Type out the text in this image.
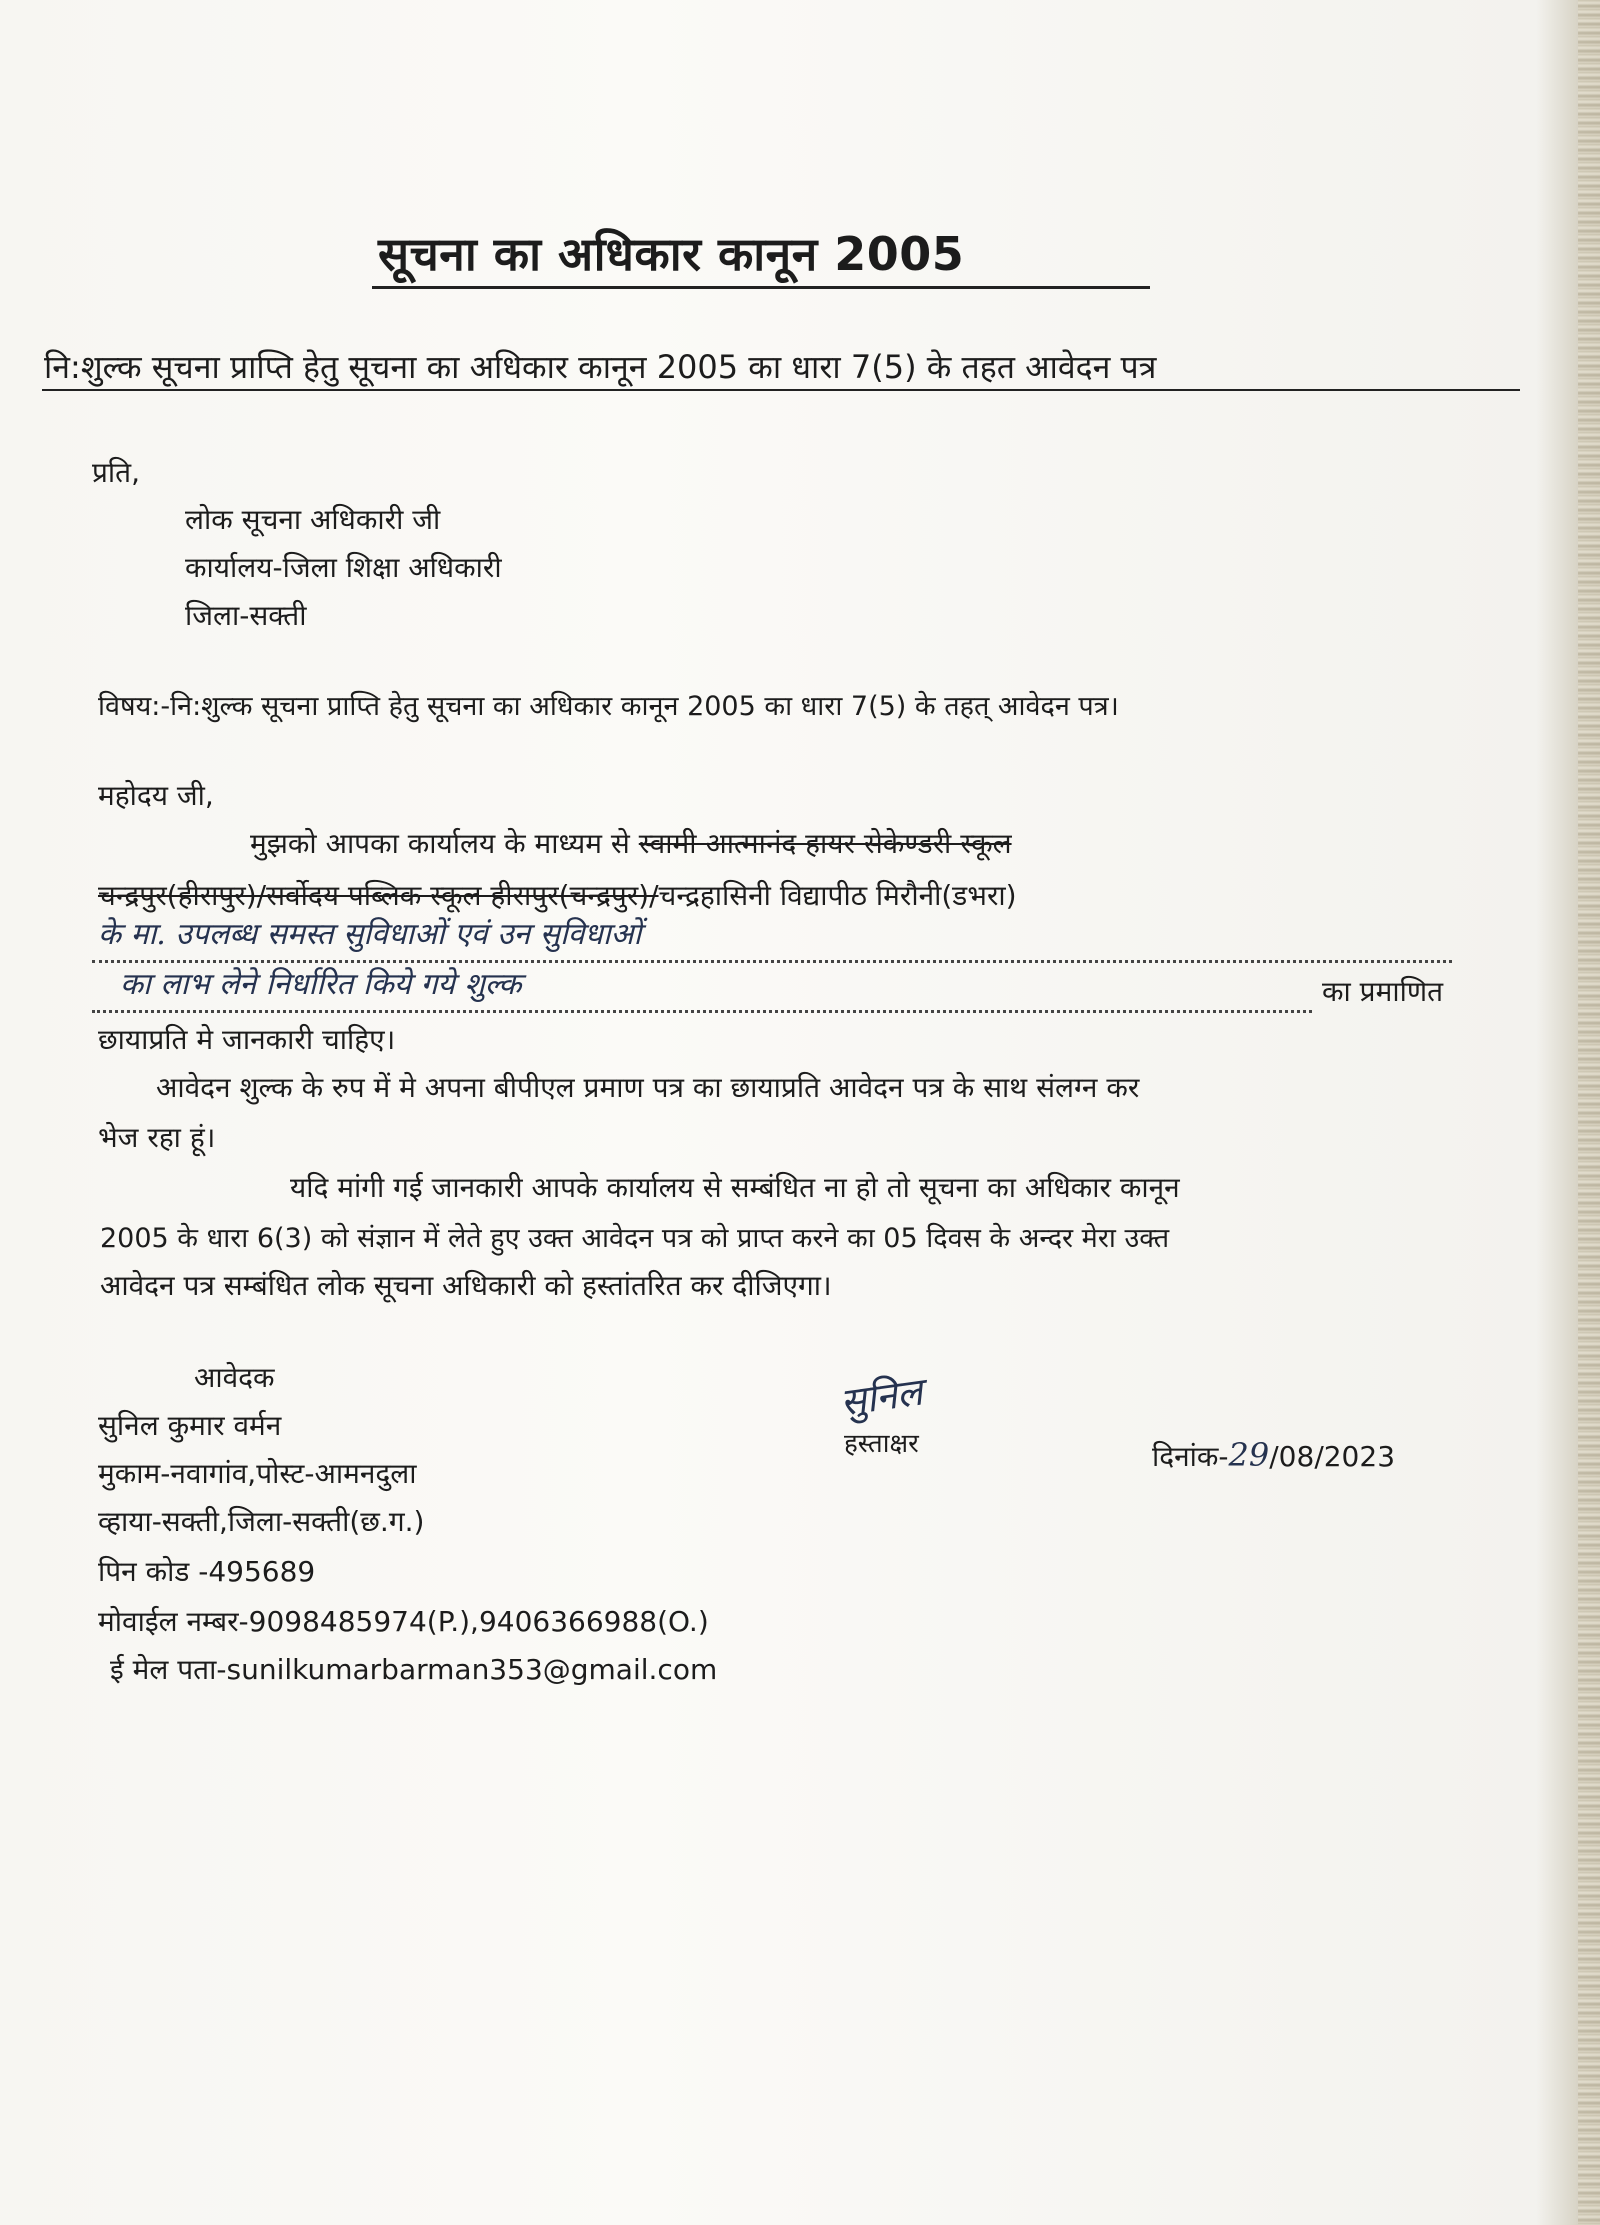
सूचना का अधिकार कानून 2005
नि:शुल्क सूचना प्राप्ति हेतु सूचना का अधिकार कानून 2005 का धारा 7(5) के तहत आवेदन पत्र
प्रति,
लोक सूचना अधिकारी जी
कार्यालय-जिला शिक्षा अधिकारी
जिला-सक्ती
विषय:-नि:शुल्क सूचना प्राप्ति हेतु सूचना का अधिकार कानून 2005 का धारा 7(5) के तहत् आवेदन पत्र।
महोदय जी,
मुझको आपका कार्यालय के माध्यम से स्वामी आत्मानंद हायर सेकेण्डरी स्कूल
चन्द्रपुर(हीरापुर)/सर्वोदय पब्लिक स्कूल हीरापुर(चन्द्रपुर)/चन्द्रहासिनी विद्यापीठ मिरौनी(डभरा)
के मा. उपलब्ध समस्त सुविधाओं एवं उन सुविधाओं
का लाभ लेने निर्धारित किये गये शुल्क	का प्रमाणित
छायाप्रति मे जानकारी चाहिए।
आवेदन शुल्क के रुप में मे अपना बीपीएल प्रमाण पत्र का छायाप्रति आवेदन पत्र के साथ संलग्न कर
भेज रहा हूं।
यदि मांगी गई जानकारी आपके कार्यालय से सम्बंधित ना हो तो सूचना का अधिकार कानून
2005 के धारा 6(3) को संज्ञान में लेते हुए उक्त आवेदन पत्र को प्राप्त करने का 05 दिवस के अन्दर मेरा उक्त
आवेदन पत्र सम्बंधित लोक सूचना अधिकारी को हस्तांतरित कर दीजिएगा।
आवेदक
सुनिल कुमार वर्मन
मुकाम-नवागांव,पोस्ट-आमनदुला
व्हाया-सक्ती,जिला-सक्ती(छ.ग.)
पिन कोड -495689
मोवाईल नम्बर-9098485974(P.),9406366988(O.)
ई मेल पता-sunilkumarbarman353@gmail.com
सुनिल
हस्ताक्षर	दिनांक-29/08/2023
